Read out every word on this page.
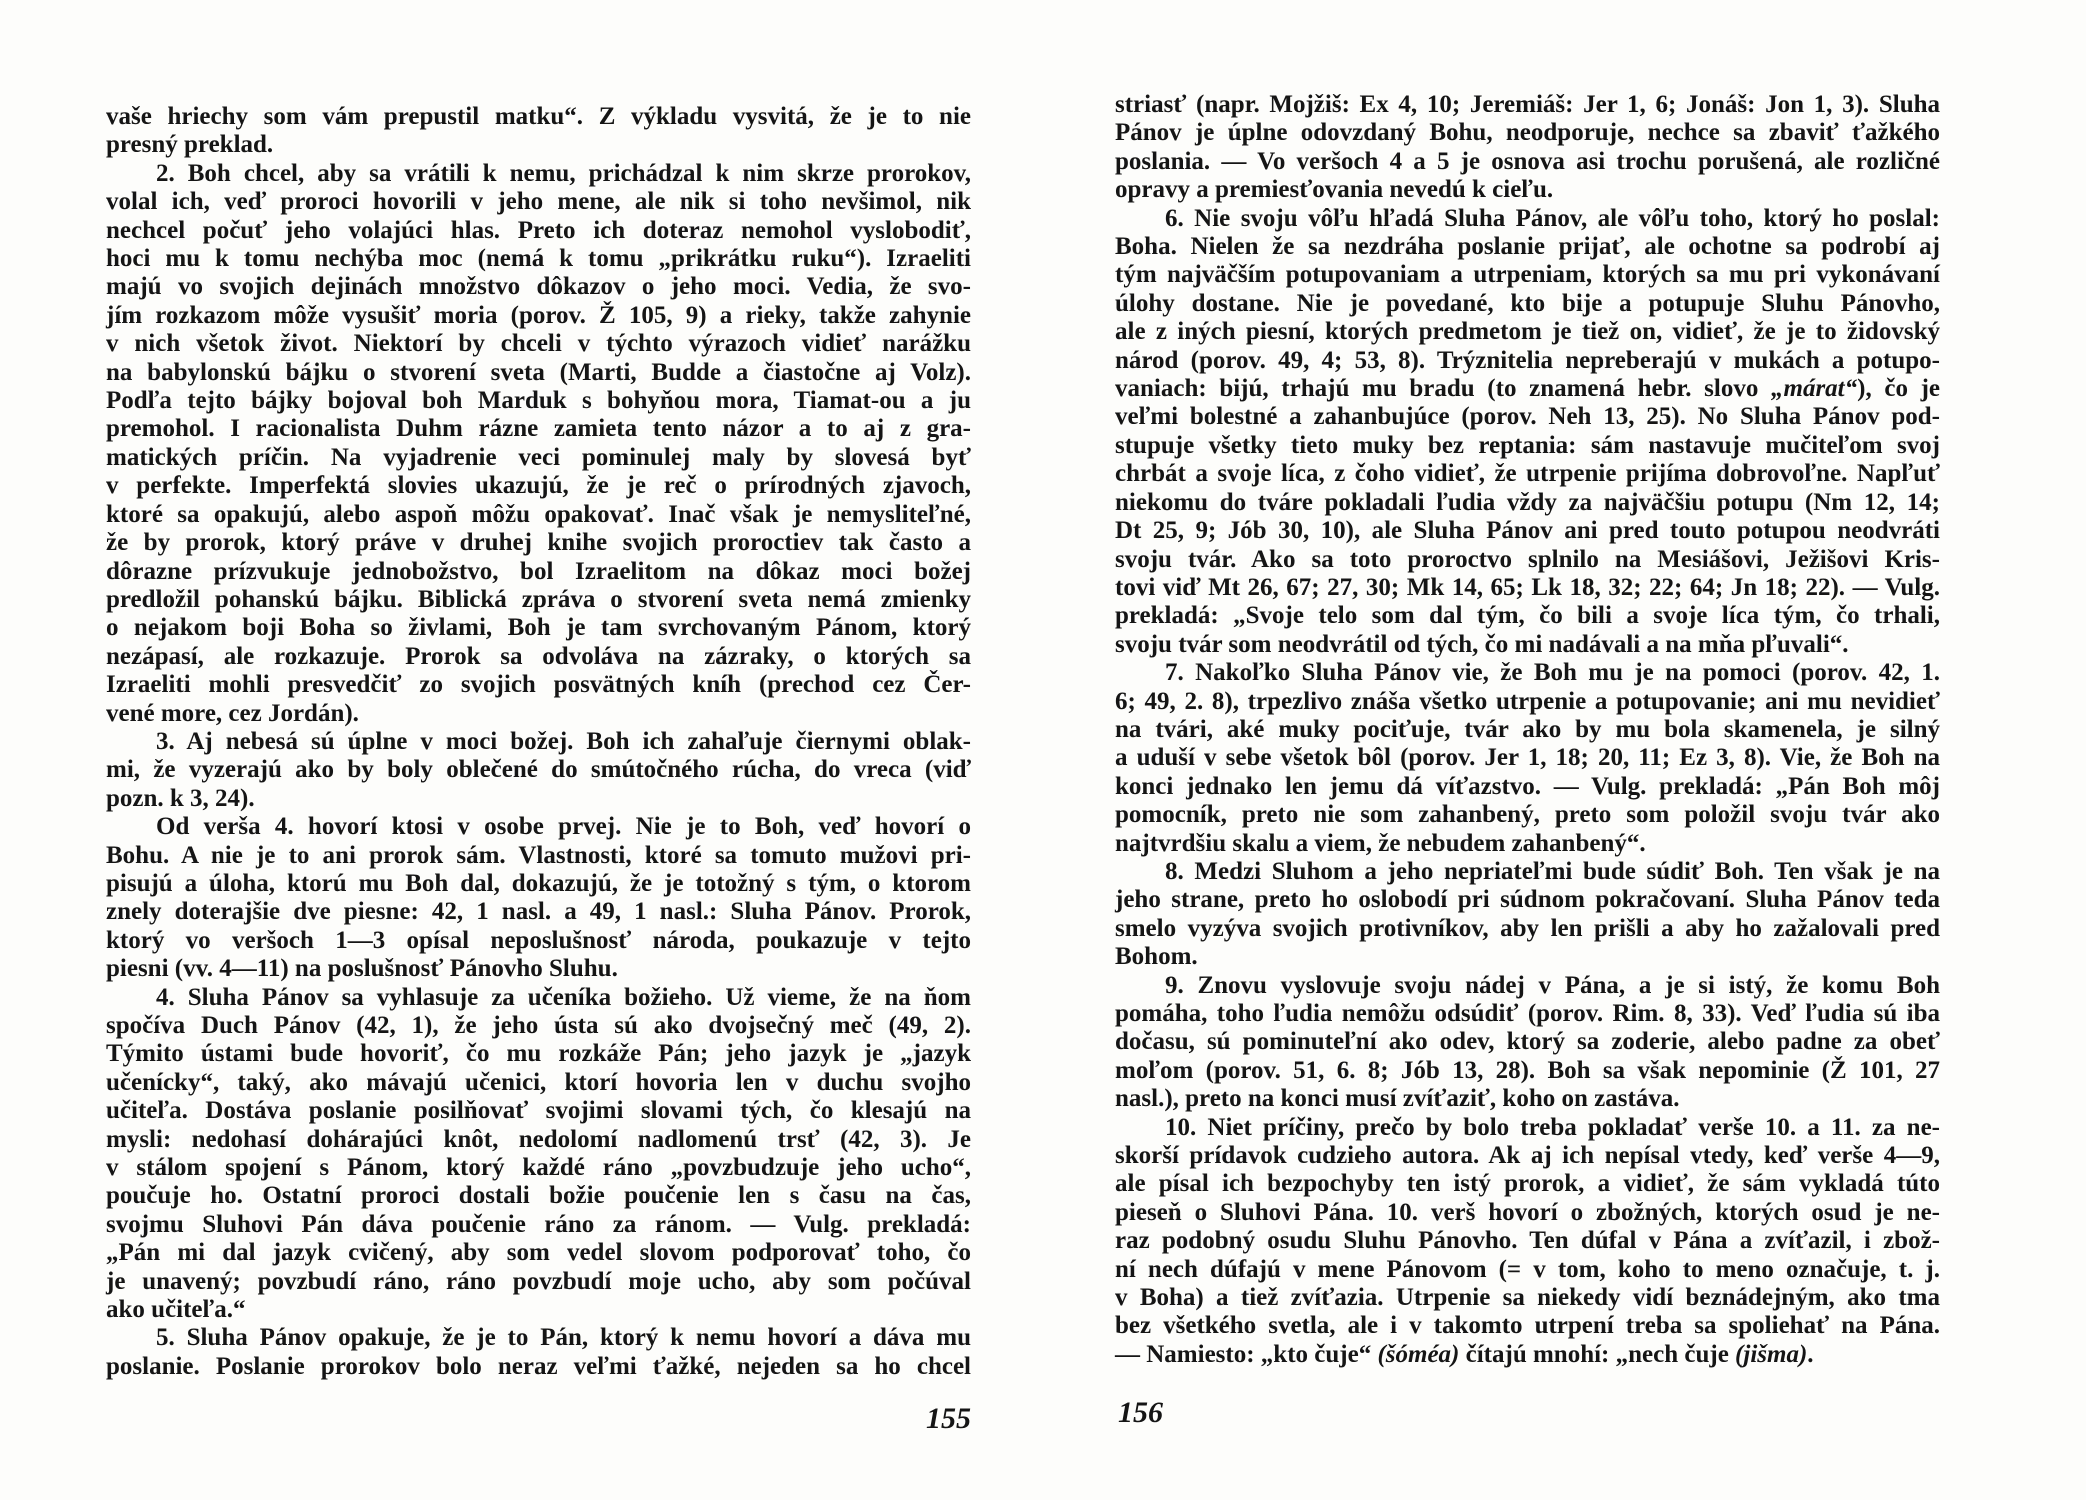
vaše hriechy som vám prepustil matku“. Z výkladu vysvitá, že je to nie
presný preklad.
2. Boh chcel, aby sa vrátili k nemu, prichádzal k nim skrze prorokov,
volal ich, veď proroci hovorili v jeho mene, ale nik si toho nevšimol, nik
nechcel počuť jeho volajúci hlas. Preto ich doteraz nemohol vyslobodiť,
hoci mu k tomu nechýba moc (nemá k tomu „prikrátku ruku“). Izraeliti
majú vo svojich dejinách množstvo dôkazov o jeho moci. Vedia, že svo-
jím rozkazom môže vysušiť moria (porov. Ž 105, 9) a rieky, takže zahynie
v nich všetok život. Niektorí by chceli v týchto výrazoch vidieť narážku
na babylonskú bájku o stvorení sveta (Marti, Budde a čiastočne aj Volz).
Podľa tejto bájky bojoval boh Marduk s bohyňou mora, Tiamat-ou a ju
premohol. I racionalista Duhm rázne zamieta tento názor a to aj z gra-
matických príčin. Na vyjadrenie veci pominulej maly by slovesá byť
v perfekte. Imperfektá slovies ukazujú, že je reč o prírodných zjavoch,
ktoré sa opakujú, alebo aspoň môžu opakovať. Inač však je nemysliteľné,
že by prorok, ktorý práve v druhej knihe svojich proroctiev tak často a
dôrazne prízvukuje jednobožstvo, bol Izraelitom na dôkaz moci božej
predložil pohanskú bájku. Biblická zpráva o stvorení sveta nemá zmienky
o nejakom boji Boha so živlami, Boh je tam svrchovaným Pánom, ktorý
nezápasí, ale rozkazuje. Prorok sa odvoláva na zázraky, o ktorých sa
Izraeliti mohli presvedčiť zo svojich posvätných kníh (prechod cez Čer-
vené more, cez Jordán).
3. Aj nebesá sú úplne v moci božej. Boh ich zahaľuje čiernymi oblak-
mi, že vyzerajú ako by boly oblečené do smútočného rúcha, do vreca (viď
pozn. k 3, 24).
Od verša 4. hovorí ktosi v osobe prvej. Nie je to Boh, veď hovorí o
Bohu. A nie je to ani prorok sám. Vlastnosti, ktoré sa tomuto mužovi pri-
pisujú a úloha, ktorú mu Boh dal, dokazujú, že je totožný s tým, o ktorom
znely doterajšie dve piesne: 42, 1 nasl. a 49, 1 nasl.: Sluha Pánov. Prorok,
ktorý vo veršoch 1—3 opísal neposlušnosť národa, poukazuje v tejto
piesni (vv. 4—11) na poslušnosť Pánovho Sluhu.
4. Sluha Pánov sa vyhlasuje za učeníka božieho. Už vieme, že na ňom
spočíva Duch Pánov (42, 1), že jeho ústa sú ako dvojsečný meč (49, 2).
Týmito ústami bude hovoriť, čo mu rozkáže Pán; jeho jazyk je „jazyk
učenícky“, taký, ako mávajú učenici, ktorí hovoria len v duchu svojho
učiteľa. Dostáva poslanie posilňovať svojimi slovami tých, čo klesajú na
mysli: nedohasí dohárajúci knôt, nedolomí nadlomenú trsť (42, 3). Je
v stálom spojení s Pánom, ktorý každé ráno „povzbudzuje jeho ucho“,
poučuje ho. Ostatní proroci dostali božie poučenie len s času na čas,
svojmu Sluhovi Pán dáva poučenie ráno za ránom. — Vulg. prekladá:
„Pán mi dal jazyk cvičený, aby som vedel slovom podporovať toho, čo
je unavený; povzbudí ráno, ráno povzbudí moje ucho, aby som počúval
ako učiteľa.“
5. Sluha Pánov opakuje, že je to Pán, ktorý k nemu hovorí a dáva mu
poslanie. Poslanie prorokov bolo neraz veľmi ťažké, nejeden sa ho chcel
striasť (napr. Mojžiš: Ex 4, 10; Jeremiáš: Jer 1, 6; Jonáš: Jon 1, 3). Sluha
Pánov je úplne odovzdaný Bohu, neodporuje, nechce sa zbaviť ťažkého
poslania. — Vo veršoch 4 a 5 je osnova asi trochu porušená, ale rozličné
opravy a premiesťovania nevedú k cieľu.
6. Nie svoju vôľu hľadá Sluha Pánov, ale vôľu toho, ktorý ho poslal:
Boha. Nielen že sa nezdráha poslanie prijať, ale ochotne sa podrobí aj
tým najväčším potupovaniam a utrpeniam, ktorých sa mu pri vykonávaní
úlohy dostane. Nie je povedané, kto bije a potupuje Sluhu Pánovho,
ale z iných piesní, ktorých predmetom je tiež on, vidieť, že je to židovský
národ (porov. 49, 4; 53, 8). Trýznitelia nepreberajú v mukách a potupo-
vaniach: bijú, trhajú mu bradu (to znamená hebr. slovo „márat“), čo je
veľmi bolestné a zahanbujúce (porov. Neh 13, 25). No Sluha Pánov pod-
stupuje všetky tieto muky bez reptania: sám nastavuje mučiteľom svoj
chrbát a svoje líca, z čoho vidieť, že utrpenie prijíma dobrovoľne. Napľuť
niekomu do tváre pokladali ľudia vždy za najväčšiu potupu (Nm 12, 14;
Dt 25, 9; Jób 30, 10), ale Sluha Pánov ani pred touto potupou neodvráti
svoju tvár. Ako sa toto proroctvo splnilo na Mesiášovi, Ježišovi Kris-
tovi viď Mt 26, 67; 27, 30; Mk 14, 65; Lk 18, 32; 22; 64; Jn 18; 22). — Vulg.
prekladá: „Svoje telo som dal tým, čo bili a svoje líca tým, čo trhali,
svoju tvár som neodvrátil od tých, čo mi nadávali a na mňa pľuvali“.
7. Nakoľko Sluha Pánov vie, že Boh mu je na pomoci (porov. 42, 1.
6; 49, 2. 8), trpezlivo znáša všetko utrpenie a potupovanie; ani mu nevidieť
na tvári, aké muky pociťuje, tvár ako by mu bola skamenela, je silný
a uduší v sebe všetok bôl (porov. Jer 1, 18; 20, 11; Ez 3, 8). Vie, že Boh na
konci jednako len jemu dá víťazstvo. — Vulg. prekladá: „Pán Boh môj
pomocník, preto nie som zahanbený, preto som položil svoju tvár ako
najtvrdšiu skalu a viem, že nebudem zahanbený“.
8. Medzi Sluhom a jeho nepriateľmi bude súdiť Boh. Ten však je na
jeho strane, preto ho oslobodí pri súdnom pokračovaní. Sluha Pánov teda
smelo vyzýva svojich protivníkov, aby len prišli a aby ho zažalovali pred
Bohom.
9. Znovu vyslovuje svoju nádej v Pána, a je si istý, že komu Boh
pomáha, toho ľudia nemôžu odsúdiť (porov. Rim. 8, 33). Veď ľudia sú iba
dočasu, sú pominuteľní ako odev, ktorý sa zoderie, alebo padne za obeť
moľom (porov. 51, 6. 8; Jób 13, 28). Boh sa však nepominie (Ž 101, 27
nasl.), preto na konci musí zvíťaziť, koho on zastáva.
10. Niet príčiny, prečo by bolo treba pokladať verše 10. a 11. za ne-
skorší prídavok cudzieho autora. Ak aj ich nepísal vtedy, keď verše 4—9,
ale písal ich bezpochyby ten istý prorok, a vidieť, že sám vykladá túto
pieseň o Sluhovi Pána. 10. verš hovorí o zbožných, ktorých osud je ne-
raz podobný osudu Sluhu Pánovho. Ten dúfal v Pána a zvíťazil, i zbož-
ní nech dúfajú v mene Pánovom (= v tom, koho to meno označuje, t. j.
v Boha) a tiež zvíťazia. Utrpenie sa niekedy vidí beznádejným, ako tma
bez všetkého svetla, ale i v takomto utrpení treba sa spoliehať na Pána.
— Namiesto: „kto čuje“ (šóméa) čítajú mnohí: „nech čuje (jišma).
155	156
